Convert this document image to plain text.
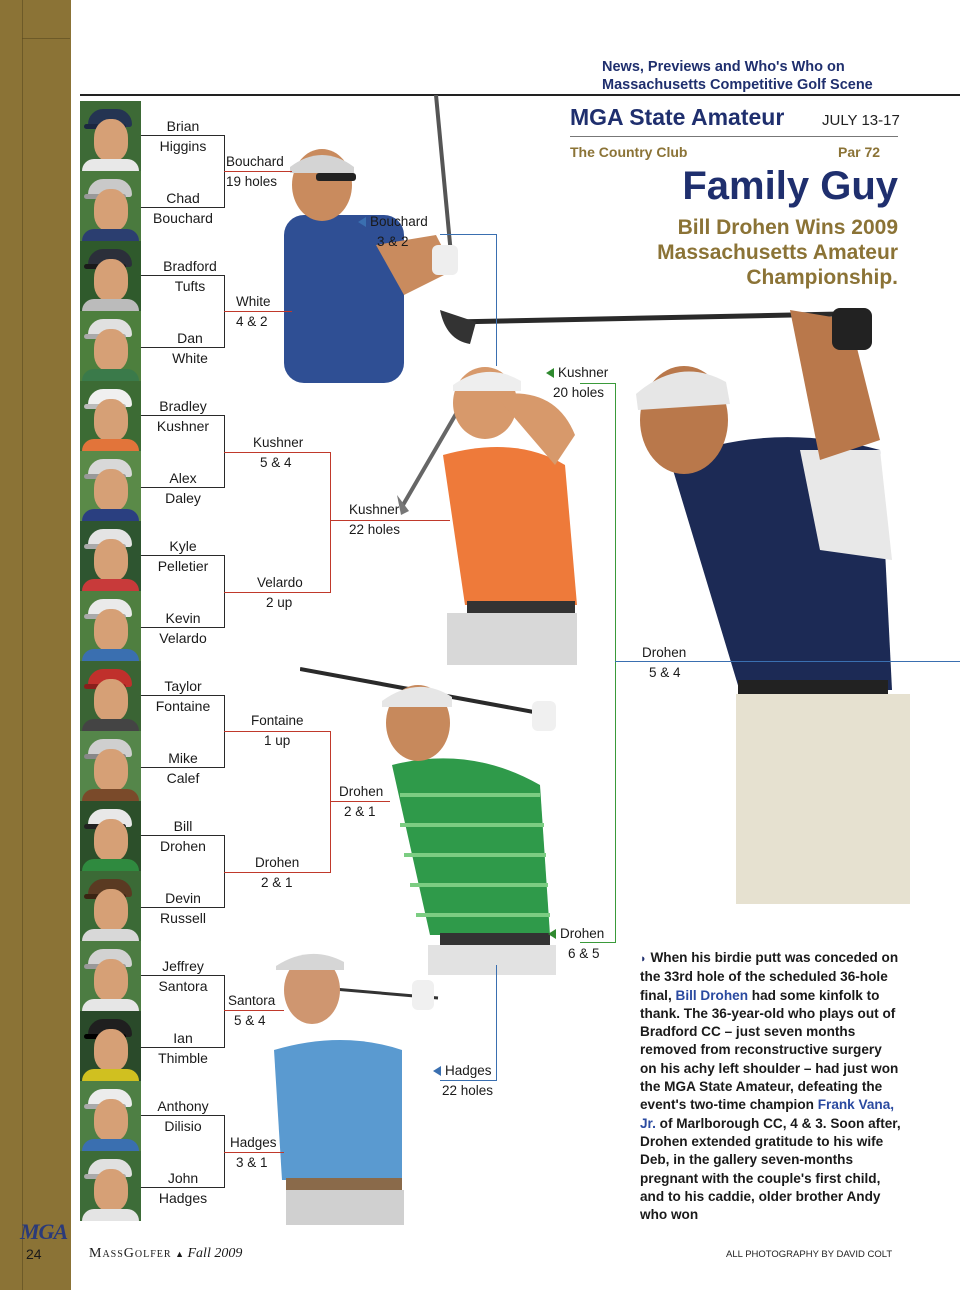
MGA
24
News, Previews and Who's Who on Massachusetts Competitive Golf Scene
MGA State Amateur	JULY 13-17
The Country Club	Par 72
Family Guy
Bill Drohen Wins 2009 Massachusetts Amateur Championship.
Brian
Higgins
Chad
Bouchard
Bradford
Tufts
Dan
White
Bradley
Kushner
Alex
Daley
Kyle
Pelletier
Kevin
Velardo
Taylor
Fontaine
Mike
Calef
Bill
Drohen
Devin
Russell
Jeffrey
Santora
Ian
Thimble
Anthony
Dilisio
John
Hadges
Bouchard
19 holes
White
4 & 2
Kushner
5 & 4
Velardo
2 up
Fontaine
1 up
Drohen
2 & 1
Santora
5 & 4
Hadges
3 & 1
Bouchard
3 & 2
Kushner
22 holes
Drohen
2 & 1
Hadges
22 holes
Kushner
20 holes
Drohen
6 & 5
Drohen
5 & 4
◗ When his birdie putt was conceded on the 33rd hole of the scheduled 36-hole final, Bill Drohen had some kinfolk to thank. The 36-year-old who plays out of Bradford CC – just seven months removed from reconstructive surgery on his achy left shoulder – had just won the MGA State Amateur, defeating the event's two-time champion Frank Vana, Jr. of Marlborough CC, 4 & 3. Soon after, Drohen extended gratitude to his wife Deb, in the gallery seven-months pregnant with the couple's first child, and to his caddie, older brother Andy who won
MassGolfer ▲ Fall 2009	ALL PHOTOGRAPHY BY DAVID COLT
